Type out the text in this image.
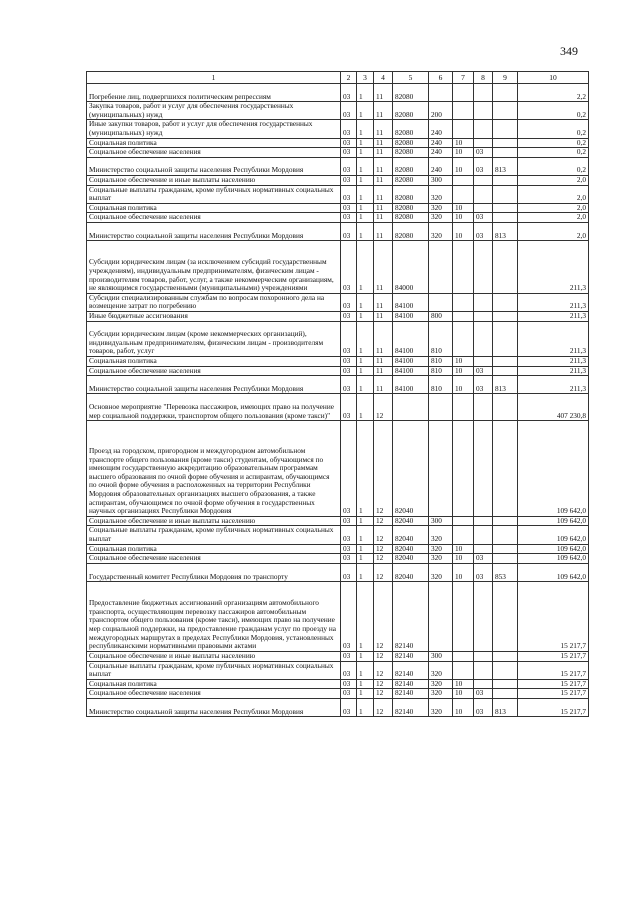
349
1	2	3	4	5	6	7	8	9	10
Погребение лиц, подвергшихся политическим репрессиям	03	1	11	82080					2,2
Закупка товаров, работ и услуг для обеспечения государственных (муниципальных) нужд	03	1	11	82080	200				0,2
Иные закупки товаров, работ и услуг для обеспечения государственных (муниципальных) нужд	03	1	11	82080	240				0,2
Социальная политика	03	1	11	82080	240	10			0,2
Социальное обеспечение населения	03	1	11	82080	240	10	03		0,2
Министерство социальной защиты населения Республики Мордовия	03	1	11	82080	240	10	03	813	0,2
Социальное обеспечение и иные выплаты населению	03	1	11	82080	300				2,0
Социальные выплаты гражданам, кроме публичных нормативных социальных выплат	03	1	11	82080	320				2,0
Социальная политика	03	1	11	82080	320	10			2,0
Социальное обеспечение населения	03	1	11	82080	320	10	03		2,0
Министерство социальной защиты населения Республики Мордовия	03	1	11	82080	320	10	03	813	2,0
Субсидии юридическим лицам (за исключением субсидий государственным учреждениям), индивидуальным предпринимателям, физическим лицам - производителям товаров, работ, услуг, а также некоммерческим организациям, не являющимся государственными (муниципальными) учреждениями	03	1	11	84000					211,3
Субсидии специализированным службам по вопросам похоронного дела на возмещение затрат по погребению	03	1	11	84100					211,3
Иные бюджетные ассигнования	03	1	11	84100	800				211,3
Субсидии юридическим лицам (кроме некоммерческих организаций), индивидуальным предпринимателям, физическим лицам - производителям товаров, работ, услуг	03	1	11	84100	810				211,3
Социальная политика	03	1	11	84100	810	10			211,3
Социальное обеспечение населения	03	1	11	84100	810	10	03		211,3
Министерство социальной защиты населения Республики Мордовия	03	1	11	84100	810	10	03	813	211,3
Основное мероприятие "Перевозка пассажиров, имеющих право на получение мер социальной поддержки, транспортом общего пользования (кроме такси)"	03	1	12						407 230,8
Проезд на городском, пригородном и междугородном автомобильном транспорте общего пользования (кроме такси) студентам, обучающимся по имеющим государственную аккредитацию образовательным программам высшего образования по очной форме обучения и аспирантам, обучающимся по очной форме обучения в расположенных на территории Республики Мордовия образовательных организациях высшего образования, а также аспирантам, обучающимся по очной форме обучения в государственных научных организациях Республики Мордовия	03	1	12	82040					109 642,0
Социальное обеспечение и иные выплаты населению	03	1	12	82040	300				109 642,0
Социальные выплаты гражданам, кроме публичных нормативных социальных выплат	03	1	12	82040	320				109 642,0
Социальная политика	03	1	12	82040	320	10			109 642,0
Социальное обеспечение населения	03	1	12	82040	320	10	03		109 642,0
Государственный комитет Республики Мордовия по транспорту	03	1	12	82040	320	10	03	853	109 642,0
Предоставление бюджетных ассигнований организациям автомобильного транспорта, осуществляющим перевозку пассажиров автомобильным транспортом общего пользования (кроме такси), имеющих право на получение мер социальной поддержки, на предоставление гражданам услуг по проезду на междугородных маршрутах в пределах Республики Мордовия, установленных республиканскими нормативными правовыми актами	03	1	12	82140					15 217,7
Социальное обеспечение и иные выплаты населению	03	1	12	82140	300				15 217,7
Социальные выплаты гражданам, кроме публичных нормативных социальных выплат	03	1	12	82140	320				15 217,7
Социальная политика	03	1	12	82140	320	10			15 217,7
Социальное обеспечение населения	03	1	12	82140	320	10	03		15 217,7
Министерство социальной защиты населения Республики Мордовия	03	1	12	82140	320	10	03	813	15 217,7
